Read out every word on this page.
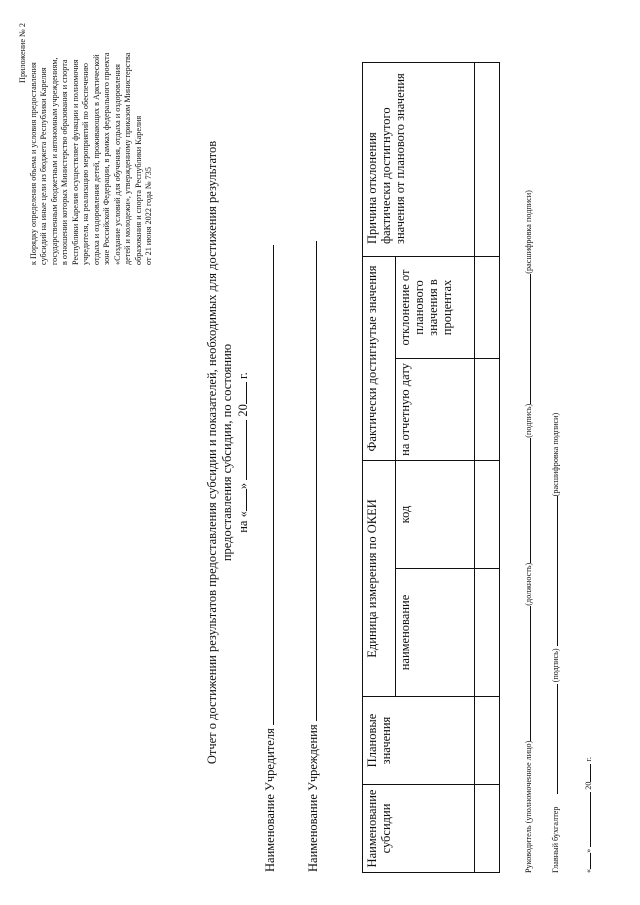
Приложение № 2
к Порядку определения объема и условия предоставления субсидий на иные цели из бюджета Республики Карелия государственным бюджетным и автономным учреждениям, в отношении которых Министерство образования и спорта Республики Карелия осуществляет функции и полномочия учредителя, на реализацию мероприятий по обеспечению отдыха и оздоровления детей, проживающих в Арктической зоне Российской Федерации, в рамках федерального проекта «Создание условий для обучения, отдыха и оздоровления детей и молодежи», утвержденному приказом Министерства образования и спорта Республики Карелия от 21 июня 2022 года № 735	Отчет о достижении результатов предоставления субсидии и показателей, необходимых для достижения результатов предоставления субсидии, по состоянию на «»  20 г.
Наименование Учредителя Наименование Учреждения	Наименование субсидии	Плановые значения	Единица измерения по ОКЕИ		Фактически достигнутые значения		Причина отклонения фактически достигнутого значения от планового значения
		наименование	код	на отчетную дату	отклонение от планового значения в процентах	

Руководитель (уполномоченное лицо)(должность)(подпись)(расшифровка подписи)
Главный бухгалтер  (подпись) (расшифровка подписи)
«»  20 г.
